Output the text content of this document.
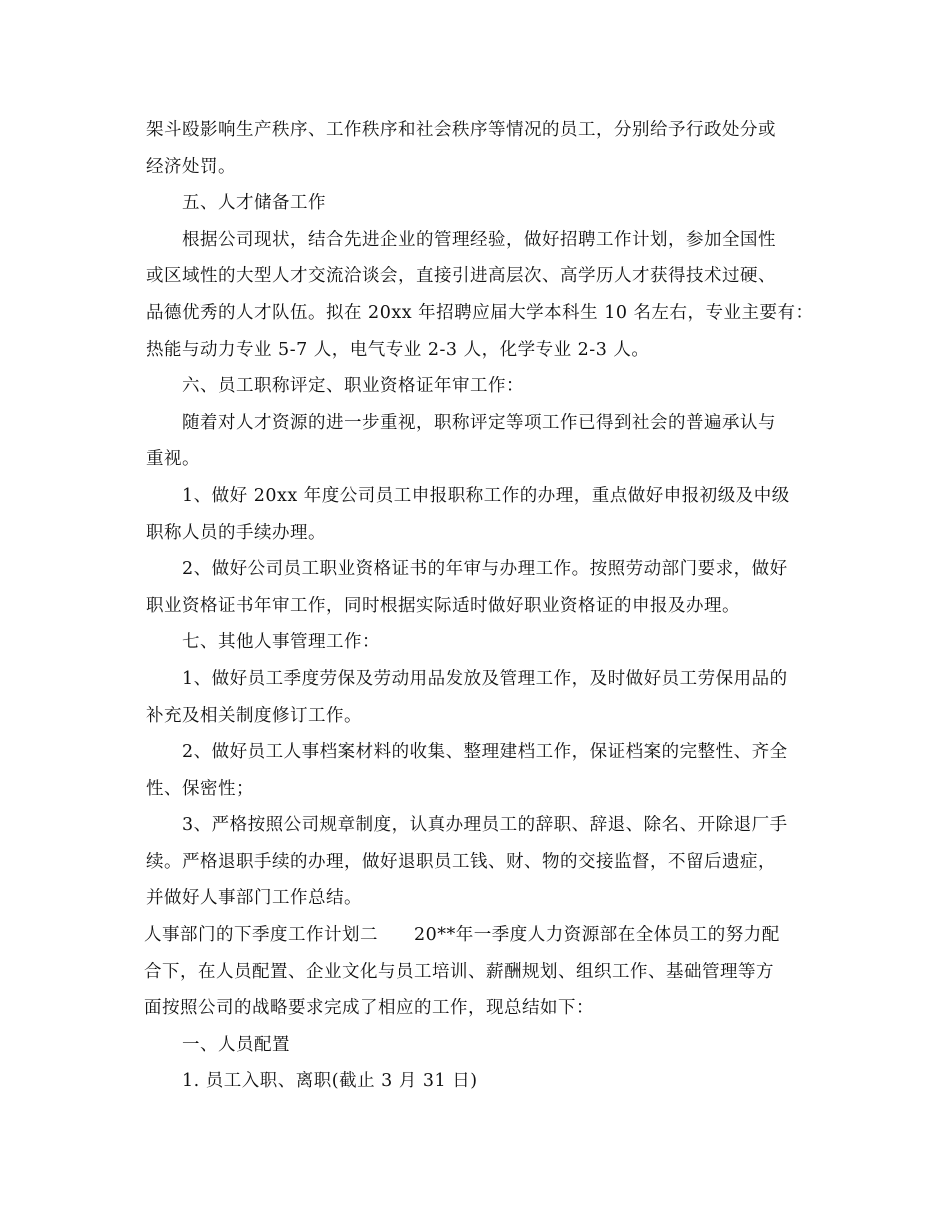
架斗殴影响生产秩序、工作秩序和社会秩序等情况的员工，分别给予行政处分或
经济处罚。
五、人才储备工作
根据公司现状，结合先进企业的管理经验，做好招聘工作计划，参加全国性
或区域性的大型人才交流洽谈会，直接引进高层次、高学历人才获得技术过硬、
品德优秀的人才队伍。拟在 20xx 年招聘应届大学本科生 10 名左右，专业主要有：
热能与动力专业 5-7 人，电气专业 2-3 人，化学专业 2-3 人。
六、员工职称评定、职业资格证年审工作：
随着对人才资源的进一步重视，职称评定等项工作已得到社会的普遍承认与
重视。
1、做好 20xx 年度公司员工申报职称工作的办理，重点做好申报初级及中级
职称人员的手续办理。
2、做好公司员工职业资格证书的年审与办理工作。按照劳动部门要求，做好
职业资格证书年审工作，同时根据实际适时做好职业资格证的申报及办理。
七、其他人事管理工作：
1、做好员工季度劳保及劳动用品发放及管理工作，及时做好员工劳保用品的
补充及相关制度修订工作。
2、做好员工人事档案材料的收集、整理建档工作，保证档案的完整性、齐全
性、保密性；
3、严格按照公司规章制度，认真办理员工的辞职、辞退、除名、开除退厂手
续。严格退职手续的办理，做好退职员工钱、财、物的交接监督，不留后遗症，
并做好人事部门工作总结。
人事部门的下季度工作计划二　　20**年一季度人力资源部在全体员工的努力配
合下，在人员配置、企业文化与员工培训、薪酬规划、组织工作、基础管理等方
面按照公司的战略要求完成了相应的工作，现总结如下：
一、人员配置
1. 员工入职、离职(截止 3 月 31 日)
